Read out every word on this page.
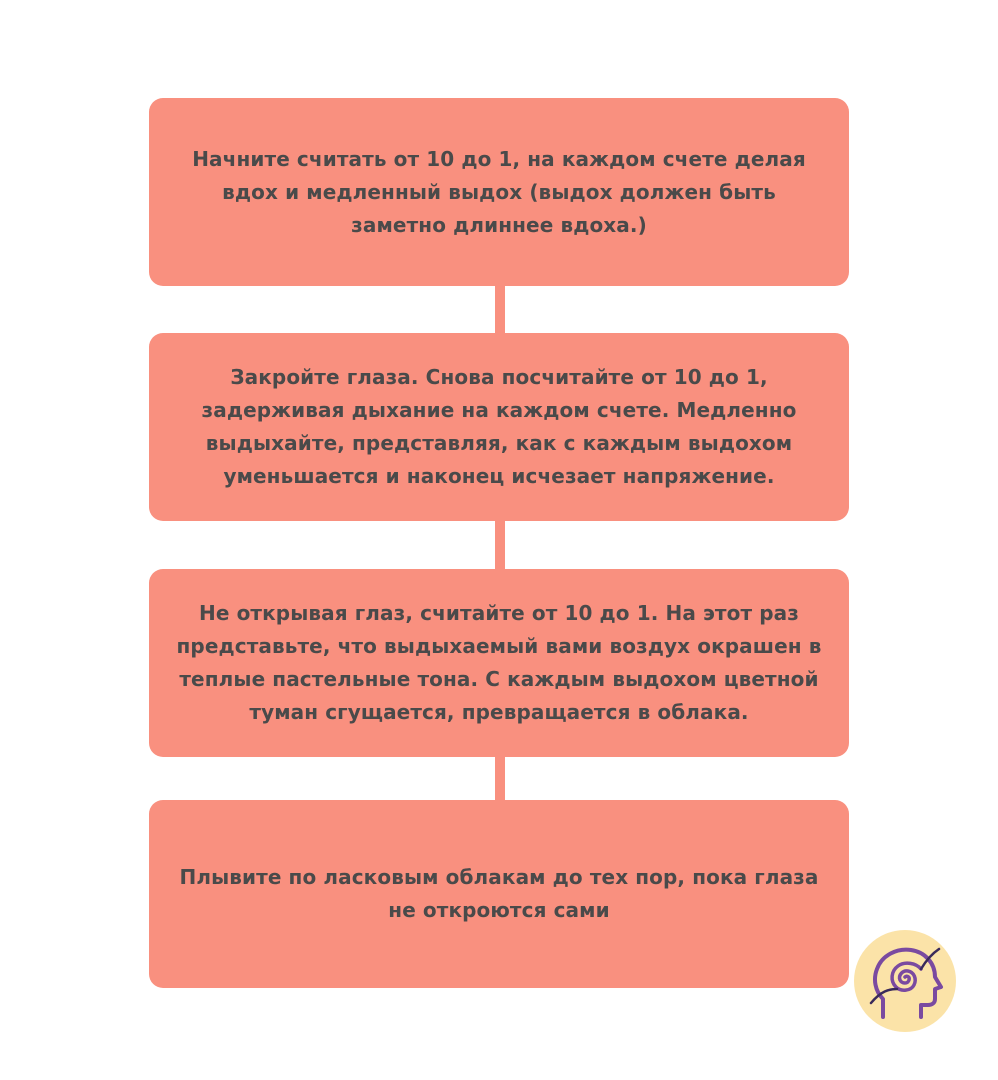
Начните считать от 10 до 1, на каждом счете делая вдох и медленный выдох (выдох должен быть заметно длиннее вдоха.)
Закройте глаза. Снова посчитайте от 10 до 1, задерживая дыхание на каждом счете. Медленно выдыхайте, представляя, как с каждым выдохом уменьшается и наконец исчезает напряжение.
Не открывая глаз, считайте от 10 до 1. На этот раз представьте, что выдыхаемый вами воздух окрашен в теплые пастельные тона. С каждым выдохом цветной туман сгущается, превращается в облака.
Плывите по ласковым облакам до тех пор, пока глаза не откроются сами
